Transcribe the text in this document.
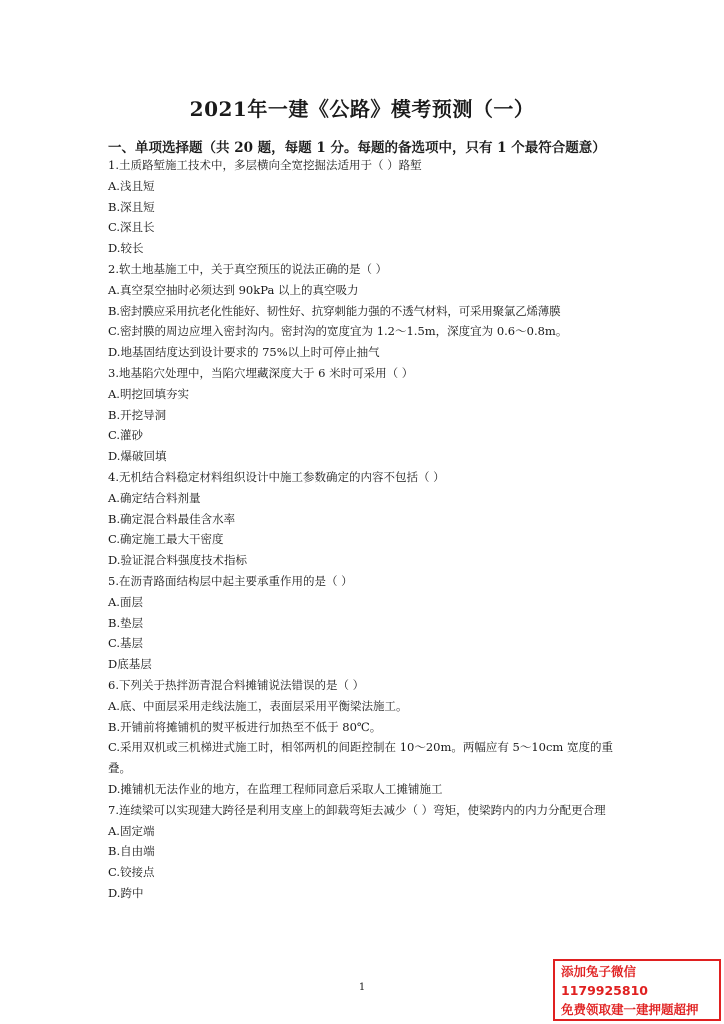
2021年一建《公路》模考预测（一）
一、单项选择题（共 20 题，每题 1 分。每题的备选项中，只有 1 个最符合题意）
1.土质路堑施工技术中，多层横向全宽挖掘法适用于（ ）路堑
A.浅且短
B.深且短
C.深且长
D.较长
2.软土地基施工中，关于真空预压的说法正确的是（ ）
A.真空泵空抽时必须达到 90kPa 以上的真空吸力
B.密封膜应采用抗老化性能好、韧性好、抗穿刺能力强的不透气材料，可采用聚氯乙烯薄膜
C.密封膜的周边应埋入密封沟内。密封沟的宽度宜为 1.2～1.5m，深度宜为 0.6～0.8m。
D.地基固结度达到设计要求的 75%以上时可停止抽气
3.地基陷穴处理中，当陷穴埋藏深度大于 6 米时可采用（ ）
A.明挖回填夯实
B.开挖导洞
C.灌砂
D.爆破回填
4.无机结合料稳定材料组织设计中施工参数确定的内容不包括（ ）
A.确定结合料剂量
B.确定混合料最佳含水率
C.确定施工最大干密度
D.验证混合料强度技术指标
5.在沥青路面结构层中起主要承重作用的是（ ）
A.面层
B.垫层
C.基层
D底基层
6.下列关于热拌沥青混合料摊铺说法错误的是（ ）
A.底、中面层采用走线法施工，表面层采用平衡梁法施工。
B.开铺前将摊铺机的熨平板进行加热至不低于 80℃。
C.采用双机或三机梯进式施工时，相邻两机的间距控制在 10～20m。两幅应有 5～10cm 宽度的重叠。
D.摊铺机无法作业的地方，在监理工程师同意后采取人工摊铺施工
7.连续梁可以实现建大跨径是利用支座上的卸载弯矩去减少（ ）弯矩，使梁跨内的内力分配更合理
A.固定端
B.自由端
C.铰接点
D.跨中
1
添加兔子微信
1179925810
免费领取建一建押题超押
